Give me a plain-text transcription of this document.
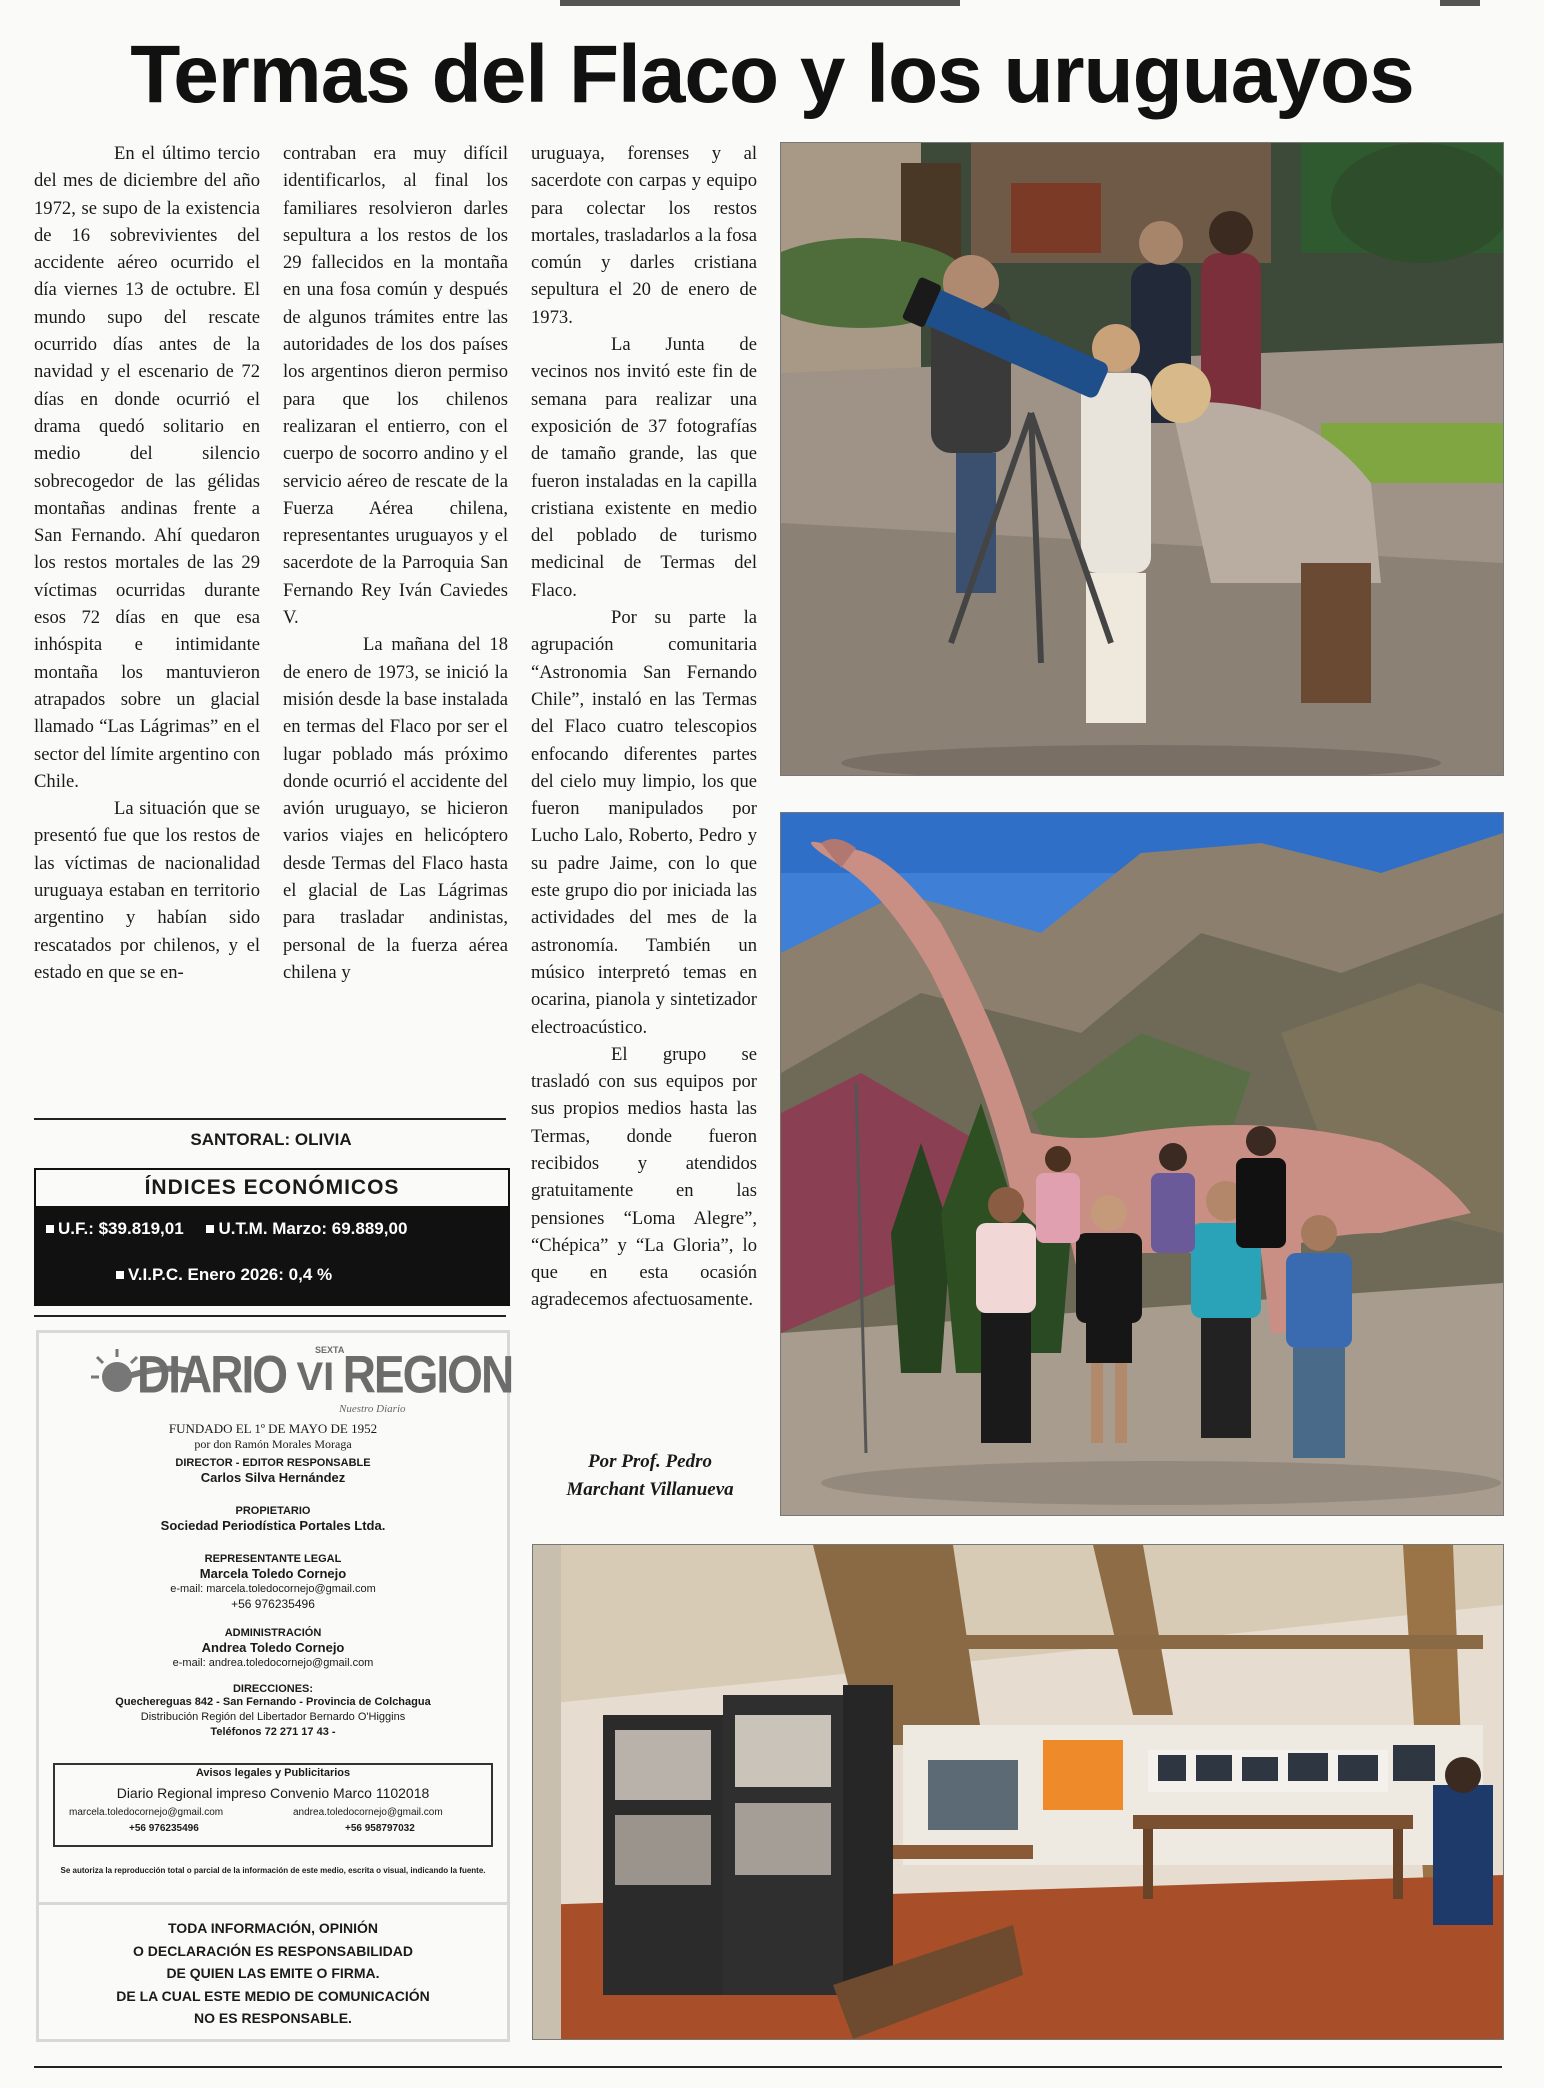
Termas del Flaco y los uruguayos

En el último tercio del mes de diciembre del año 1972, se supo de la existencia de 16 sobrevivientes del accidente aéreo ocurrido el día viernes 13 de octubre. El mundo supo del rescate ocurrido días antes de la navidad y el escenario de 72 días en donde ocurrió el drama quedó solitario en medio del silencio sobrecogedor de las gélidas montañas andinas frente a San Fernando. Ahí quedaron los restos mortales de las 29 víctimas ocurridas durante esos 72 días en que esa inhóspita e intimidante montaña los mantuvieron atrapados sobre un glacial llamado “Las Lágrimas” en el sector del límite argentino con Chile.

La situación que se presentó fue que los restos de las víctimas de nacionalidad uruguaya estaban en territorio argentino y habían sido rescatados por chilenos, y el estado en que se en-

contraban era muy difícil identificarlos, al final los familiares resolvieron darles sepultura a los restos de los 29 fallecidos en la montaña en una fosa común y después de algunos trámites entre las autoridades de los dos países los argentinos dieron permiso para que los chilenos realizaran el entierro, con el cuerpo de socorro andino y el servicio aéreo de rescate de la Fuerza Aérea chilena, representantes uruguayos y el sacerdote de la Parroquia San Fernando Rey Iván Caviedes V.

La mañana del 18 de enero de 1973, se inició la misión desde la base instalada en termas del Flaco por ser el lugar poblado más próximo donde ocurrió el accidente del avión uruguayo, se hicieron varios viajes en helicóptero desde Termas del Flaco hasta el glacial de Las Lágrimas para trasladar andinistas, personal de la fuerza aérea chilena y

uruguaya, forenses y al sacerdote con carpas y equipo para colectar los restos mortales, trasladarlos a la fosa común y darles cristiana sepultura el 20 de enero de 1973.

La Junta de vecinos nos invitó este fin de semana para realizar una exposición de 37 fotografías de tamaño grande, las que fueron instaladas en la capilla cristiana existente en medio del poblado de turismo medicinal de Termas del Flaco.

Por su parte la agrupación comunitaria “Astronomia San Fernando Chile”, instaló en las Termas del Flaco cuatro telescopios enfocando diferentes partes del cielo muy limpio, los que fueron manipulados por Lucho Lalo, Roberto, Pedro y su padre Jaime, con lo que este grupo dio por iniciada las actividades del mes de la astronomía. También un músico interpretó temas en ocarina, pianola y sintetizador electroacústico.

El grupo se trasladó con sus equipos por sus propios medios hasta las Termas, donde fueron recibidos y atendidos gratuitamente en las pensiones “Loma Alegre”, “Chépica” y “La Gloria”, lo que en esta ocasión agradecemos afectuosamente.

Por Prof. Pedro
Marchant Villanueva
SANTORAL: OLIVIA
ÍNDICES ECONÓMICOS
U.F.: $39.819,01 U.T.M. Marzo: 69.889,00
V.I.P.C. Enero 2026: 0,4 %
DIARIO	SEXTA
VI REGION
Nuestro Diario
FUNDADO EL 1º DE MAYO DE 1952
por don Ramón Morales Moraga
DIRECTOR - EDITOR RESPONSABLE
Carlos Silva Hernández
PROPIETARIO
Sociedad Periodística Portales Ltda.
REPRESENTANTE LEGAL
Marcela Toledo Cornejo
e-mail: marcela.toledocornejo@gmail.com
+56 976235496
ADMINISTRACIÓN
Andrea Toledo Cornejo
e-mail: andrea.toledocornejo@gmail.com
DIRECCIONES:
Quechereguas 842 - San Fernando - Provincia de Colchagua
Distribución Región del Libertador Bernardo O'Higgins
Teléfonos 72 271 17 43 -
Avisos legales y Publicitarios
Diario Regional impreso Convenio Marco 1102018
marcela.toledocornejo@gmail.com	andrea.toledocornejo@gmail.com
+56 976235496	+56 958797032
Se autoriza la reproducción total o parcial de la información de este medio, escrita o visual, indicando la fuente.
TODA INFORMACIÓN, OPINIÓN
O DECLARACIÓN ES RESPONSABILIDAD
DE QUIEN LAS EMITE O FIRMA.
DE LA CUAL ESTE MEDIO DE COMUNICACIÓN
NO ES RESPONSABLE.
